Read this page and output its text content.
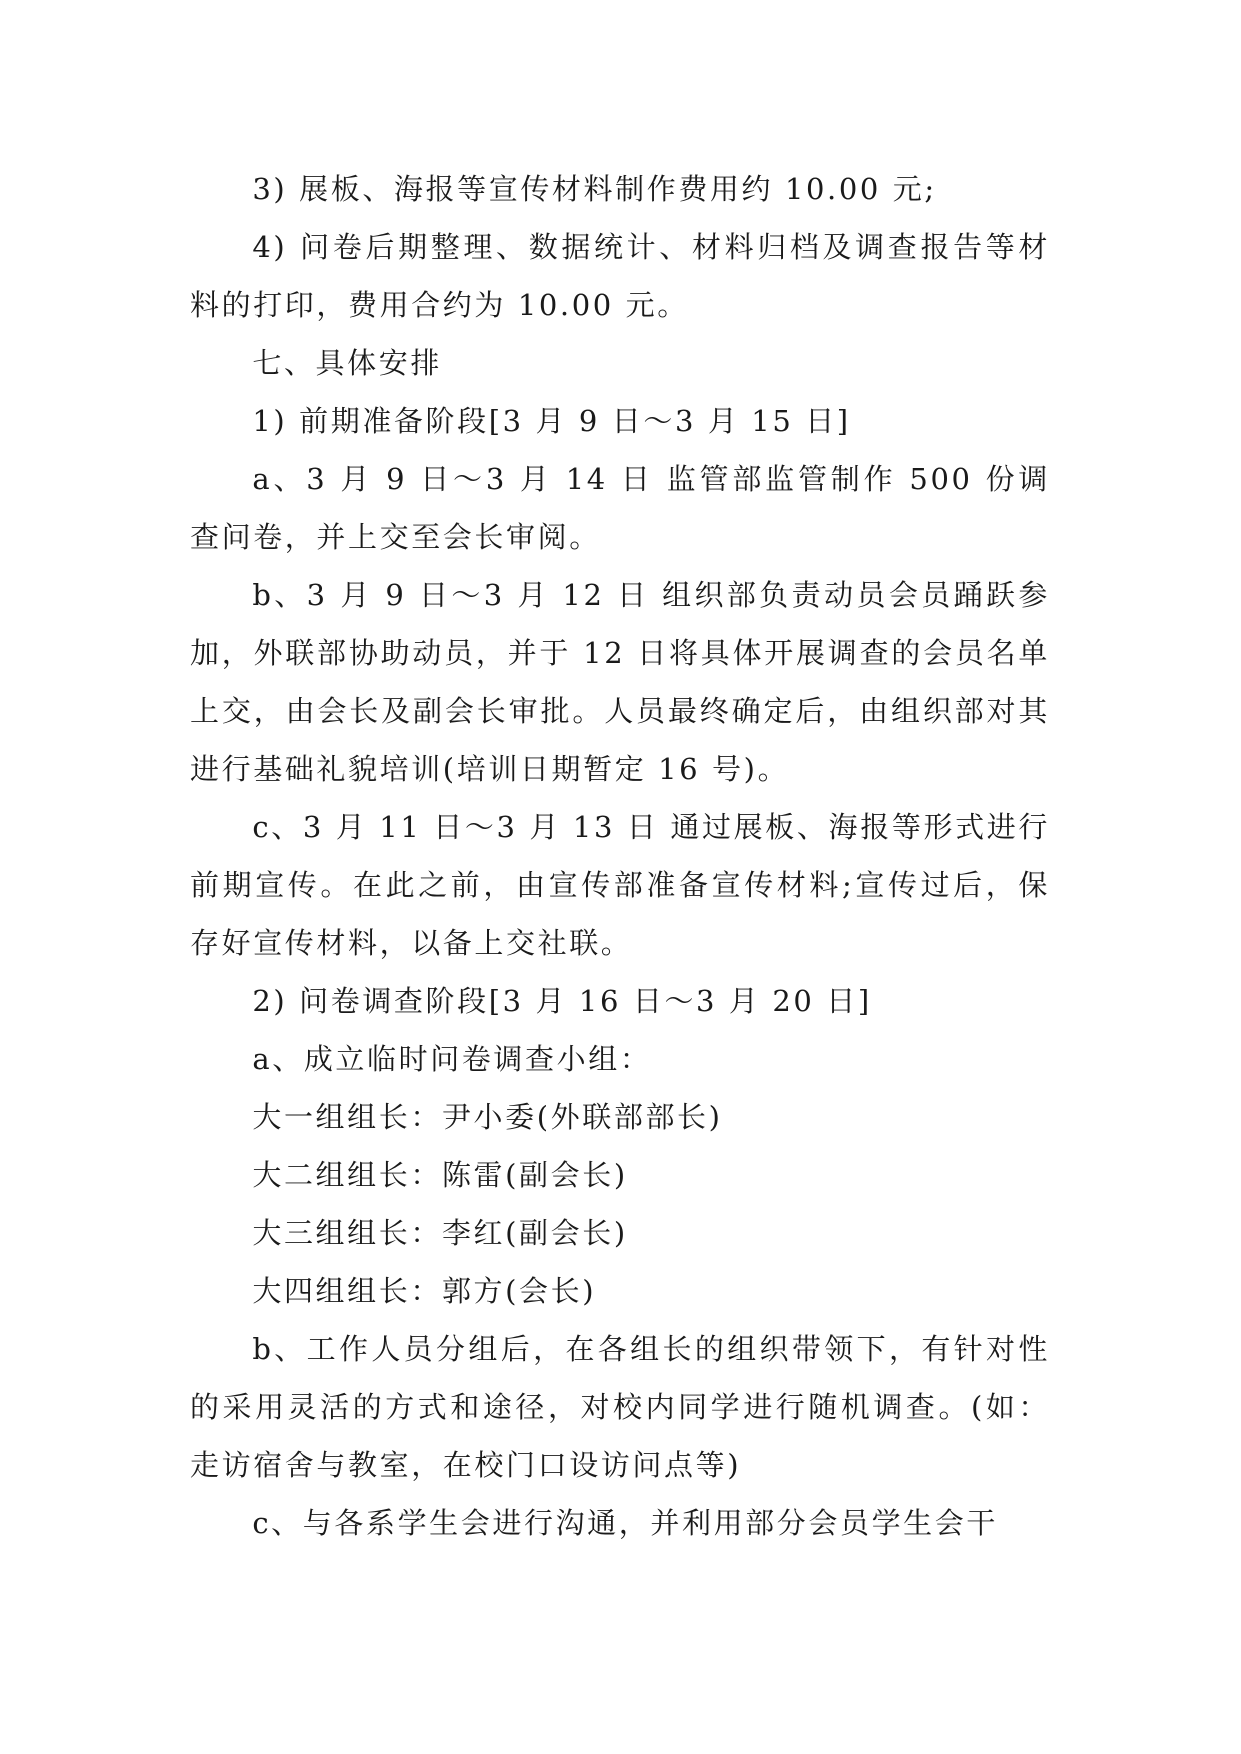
3) 展板、海报等宣传材料制作费用约 10.00 元;

4) 问卷后期整理、数据统计、材料归档及调查报告等材料的打印，费用合约为 10.00 元。

七、具体安排

1) 前期准备阶段[3 月 9 日～3 月 15 日]

a、3 月 9 日～3 月 14 日 监管部监管制作 500 份调查问卷，并上交至会长审阅。

b、3 月 9 日～3 月 12 日 组织部负责动员会员踊跃参加，外联部协助动员，并于 12 日将具体开展调查的会员名单上交，由会长及副会长审批。人员最终确定后，由组织部对其进行基础礼貌培训(培训日期暂定 16 号)。

c、3 月 11 日～3 月 13 日 通过展板、海报等形式进行前期宣传。在此之前，由宣传部准备宣传材料;宣传过后，保存好宣传材料，以备上交社联。

2) 问卷调查阶段[3 月 16 日～3 月 20 日]

a、成立临时问卷调查小组：

大一组组长：尹小委(外联部部长)

大二组组长：陈雷(副会长)

大三组组长：李红(副会长)

大四组组长：郭方(会长)

b、工作人员分组后，在各组长的组织带领下，有针对性的采用灵活的方式和途径，对校内同学进行随机调查。(如：走访宿舍与教室，在校门口设访问点等)

c、与各系学生会进行沟通，并利用部分会员学生会干
